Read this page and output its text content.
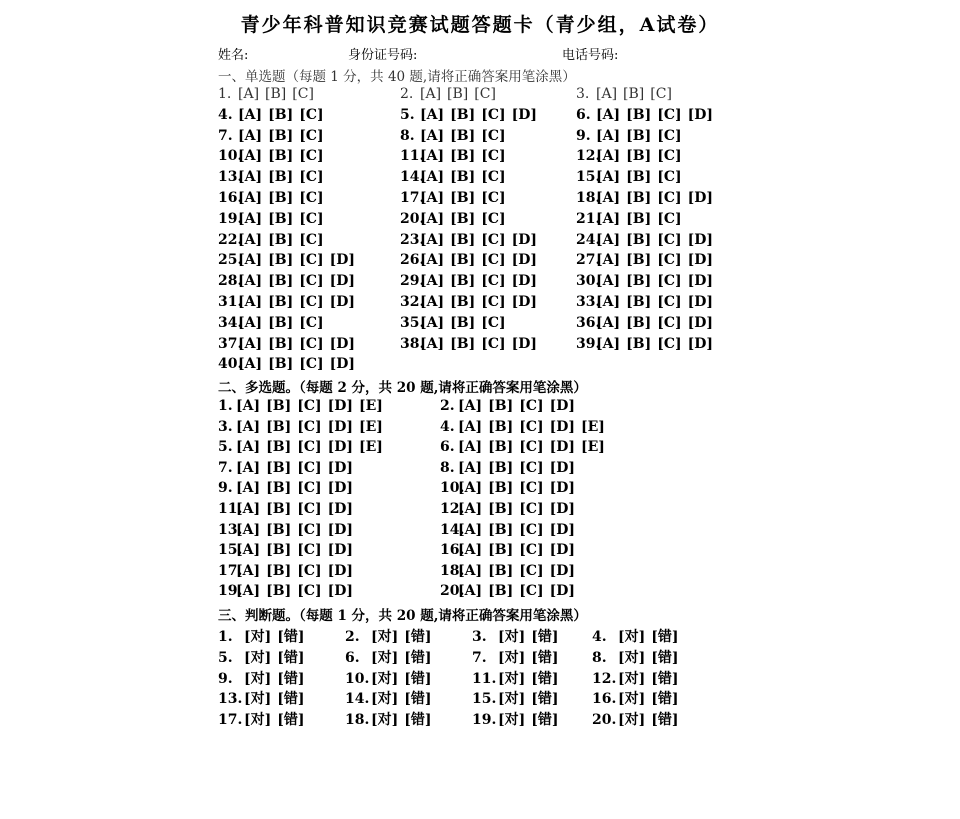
青少年科普知识竞赛试题答题卡（青少组，A试卷）
姓名:	身份证号码:	电话号码:
一、单选题（每题 1 分，共 40 题,请将正确答案用笔涂黑）
二、多选题。（每题 2 分，共 20 题,请将正确答案用笔涂黑）
三、判断题。（每题 1 分，共 20 题,请将正确答案用笔涂黑）
1. [A] [B] [C]	2. [A] [B] [C]	3. [A] [B] [C]
4. [A] [B] [C]	5. [A] [B] [C] [D]	6. [A] [B] [C] [D]
7. [A] [B] [C]	8. [A] [B] [C]	9. [A] [B] [C]
10.[A] [B] [C]	11.[A] [B] [C]	12.[A] [B] [C]
13.[A] [B] [C]	14.[A] [B] [C]	15.[A] [B] [C]
16.[A] [B] [C]	17.[A] [B] [C]	18.[A] [B] [C] [D]
19.[A] [B] [C]	20.[A] [B] [C]	21.[A] [B] [C]
22.[A] [B] [C]	23.[A] [B] [C] [D]	24.[A] [B] [C] [D]
25.[A] [B] [C] [D]	26.[A] [B] [C] [D]	27.[A] [B] [C] [D]
28.[A] [B] [C] [D]	29.[A] [B] [C] [D]	30.[A] [B] [C] [D]
31.[A] [B] [C] [D]	32.[A] [B] [C] [D]	33.[A] [B] [C] [D]
34.[A] [B] [C]	35.[A] [B] [C]	36.[A] [B] [C] [D]
37.[A] [B] [C] [D]	38.[A] [B] [C] [D]	39.[A] [B] [C] [D]
40.[A] [B] [C] [D]
1. [A] [B] [C] [D] [E]	2. [A] [B] [C] [D]
3. [A] [B] [C] [D] [E]	4. [A] [B] [C] [D] [E]
5. [A] [B] [C] [D] [E]	6. [A] [B] [C] [D] [E]
7. [A] [B] [C] [D]	8. [A] [B] [C] [D]
9. [A] [B] [C] [D]	10.[A] [B] [C] [D]
11.[A] [B] [C] [D]	12.[A] [B] [C] [D]
13.[A] [B] [C] [D]	14.[A] [B] [C] [D]
15.[A] [B] [C] [D]	16.[A] [B] [C] [D]
17.[A] [B] [C] [D]	18.[A] [B] [C] [D]
19.[A] [B] [C] [D]	20.[A] [B] [C] [D]
1. [对] [错]	2. [对] [错]	3. [对] [错]	4. [对] [错]
5. [对] [错]	6. [对] [错]	7. [对] [错]	8. [对] [错]
9. [对] [错]	10. [对] [错]	11. [对] [错]	12. [对] [错]
13. [对] [错]	14. [对] [错]	15. [对] [错]	16. [对] [错]
17. [对] [错]	18. [对] [错]	19. [对] [错]	20. [对] [错]
